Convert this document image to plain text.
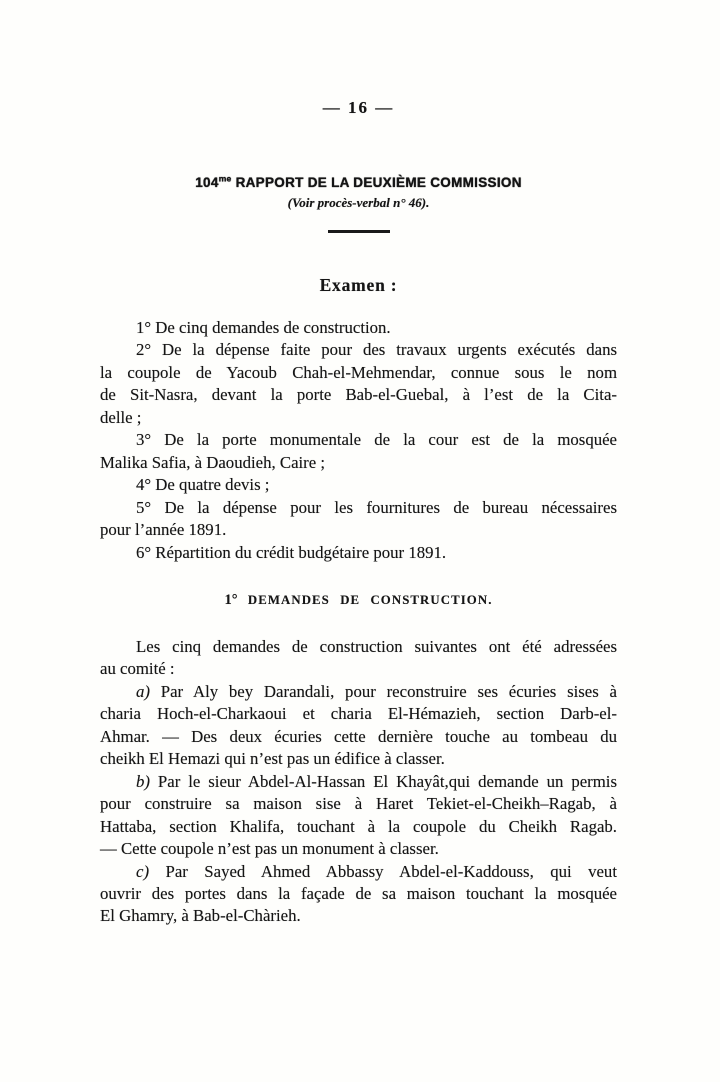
— 16 —
$104^{me}$ RAPPORT DE LA DEUXIÈME COMMISSION
(Voir procès-verbal n° 46).
Examen :
1° De cinq demandes de construction.
2° De la dépense faite pour des travaux urgents exécutés dans
la coupole de Yacoub Chah-el-Mehmendar, connue sous le nom
de Sit-Nasra, devant la porte Bab-el-Guebal, à l’est de la Cita-
delle ;
3° De la porte monumentale de la cour est de la mosquée
Malika Safia, à Daoudieh, Caire ;
4° De quatre devis ;
5° De la dépense pour les fournitures de bureau nécessaires
pour l’année 1891.
6° Répartition du crédit budgétaire pour 1891.
1° DEMANDES DE CONSTRUCTION.
Les cinq demandes de construction suivantes ont été adressées
au comité :
a) Par Aly bey Darandali, pour reconstruire ses écuries sises à
charia Hoch-el-Charkaoui et charia El-Hémazieh, section Darb-el-
Ahmar. — Des deux écuries cette dernière touche au tombeau du
cheikh El Hemazi qui n’est pas un édifice à classer.
b) Par le sieur Abdel-Al-Hassan El Khayât,qui demande un permis
pour construire sa maison sise à Haret Tekiet-el-Cheikh–Ragab, à
Hattaba, section Khalifa, touchant à la coupole du Cheikh Ragab.
— Cette coupole n’est pas un monument à classer.
c) Par Sayed Ahmed Abbassy Abdel-el-Kaddouss, qui veut
ouvrir des portes dans la façade de sa maison touchant la mosquée
El Ghamry, à Bab-el-Chàrieh.
